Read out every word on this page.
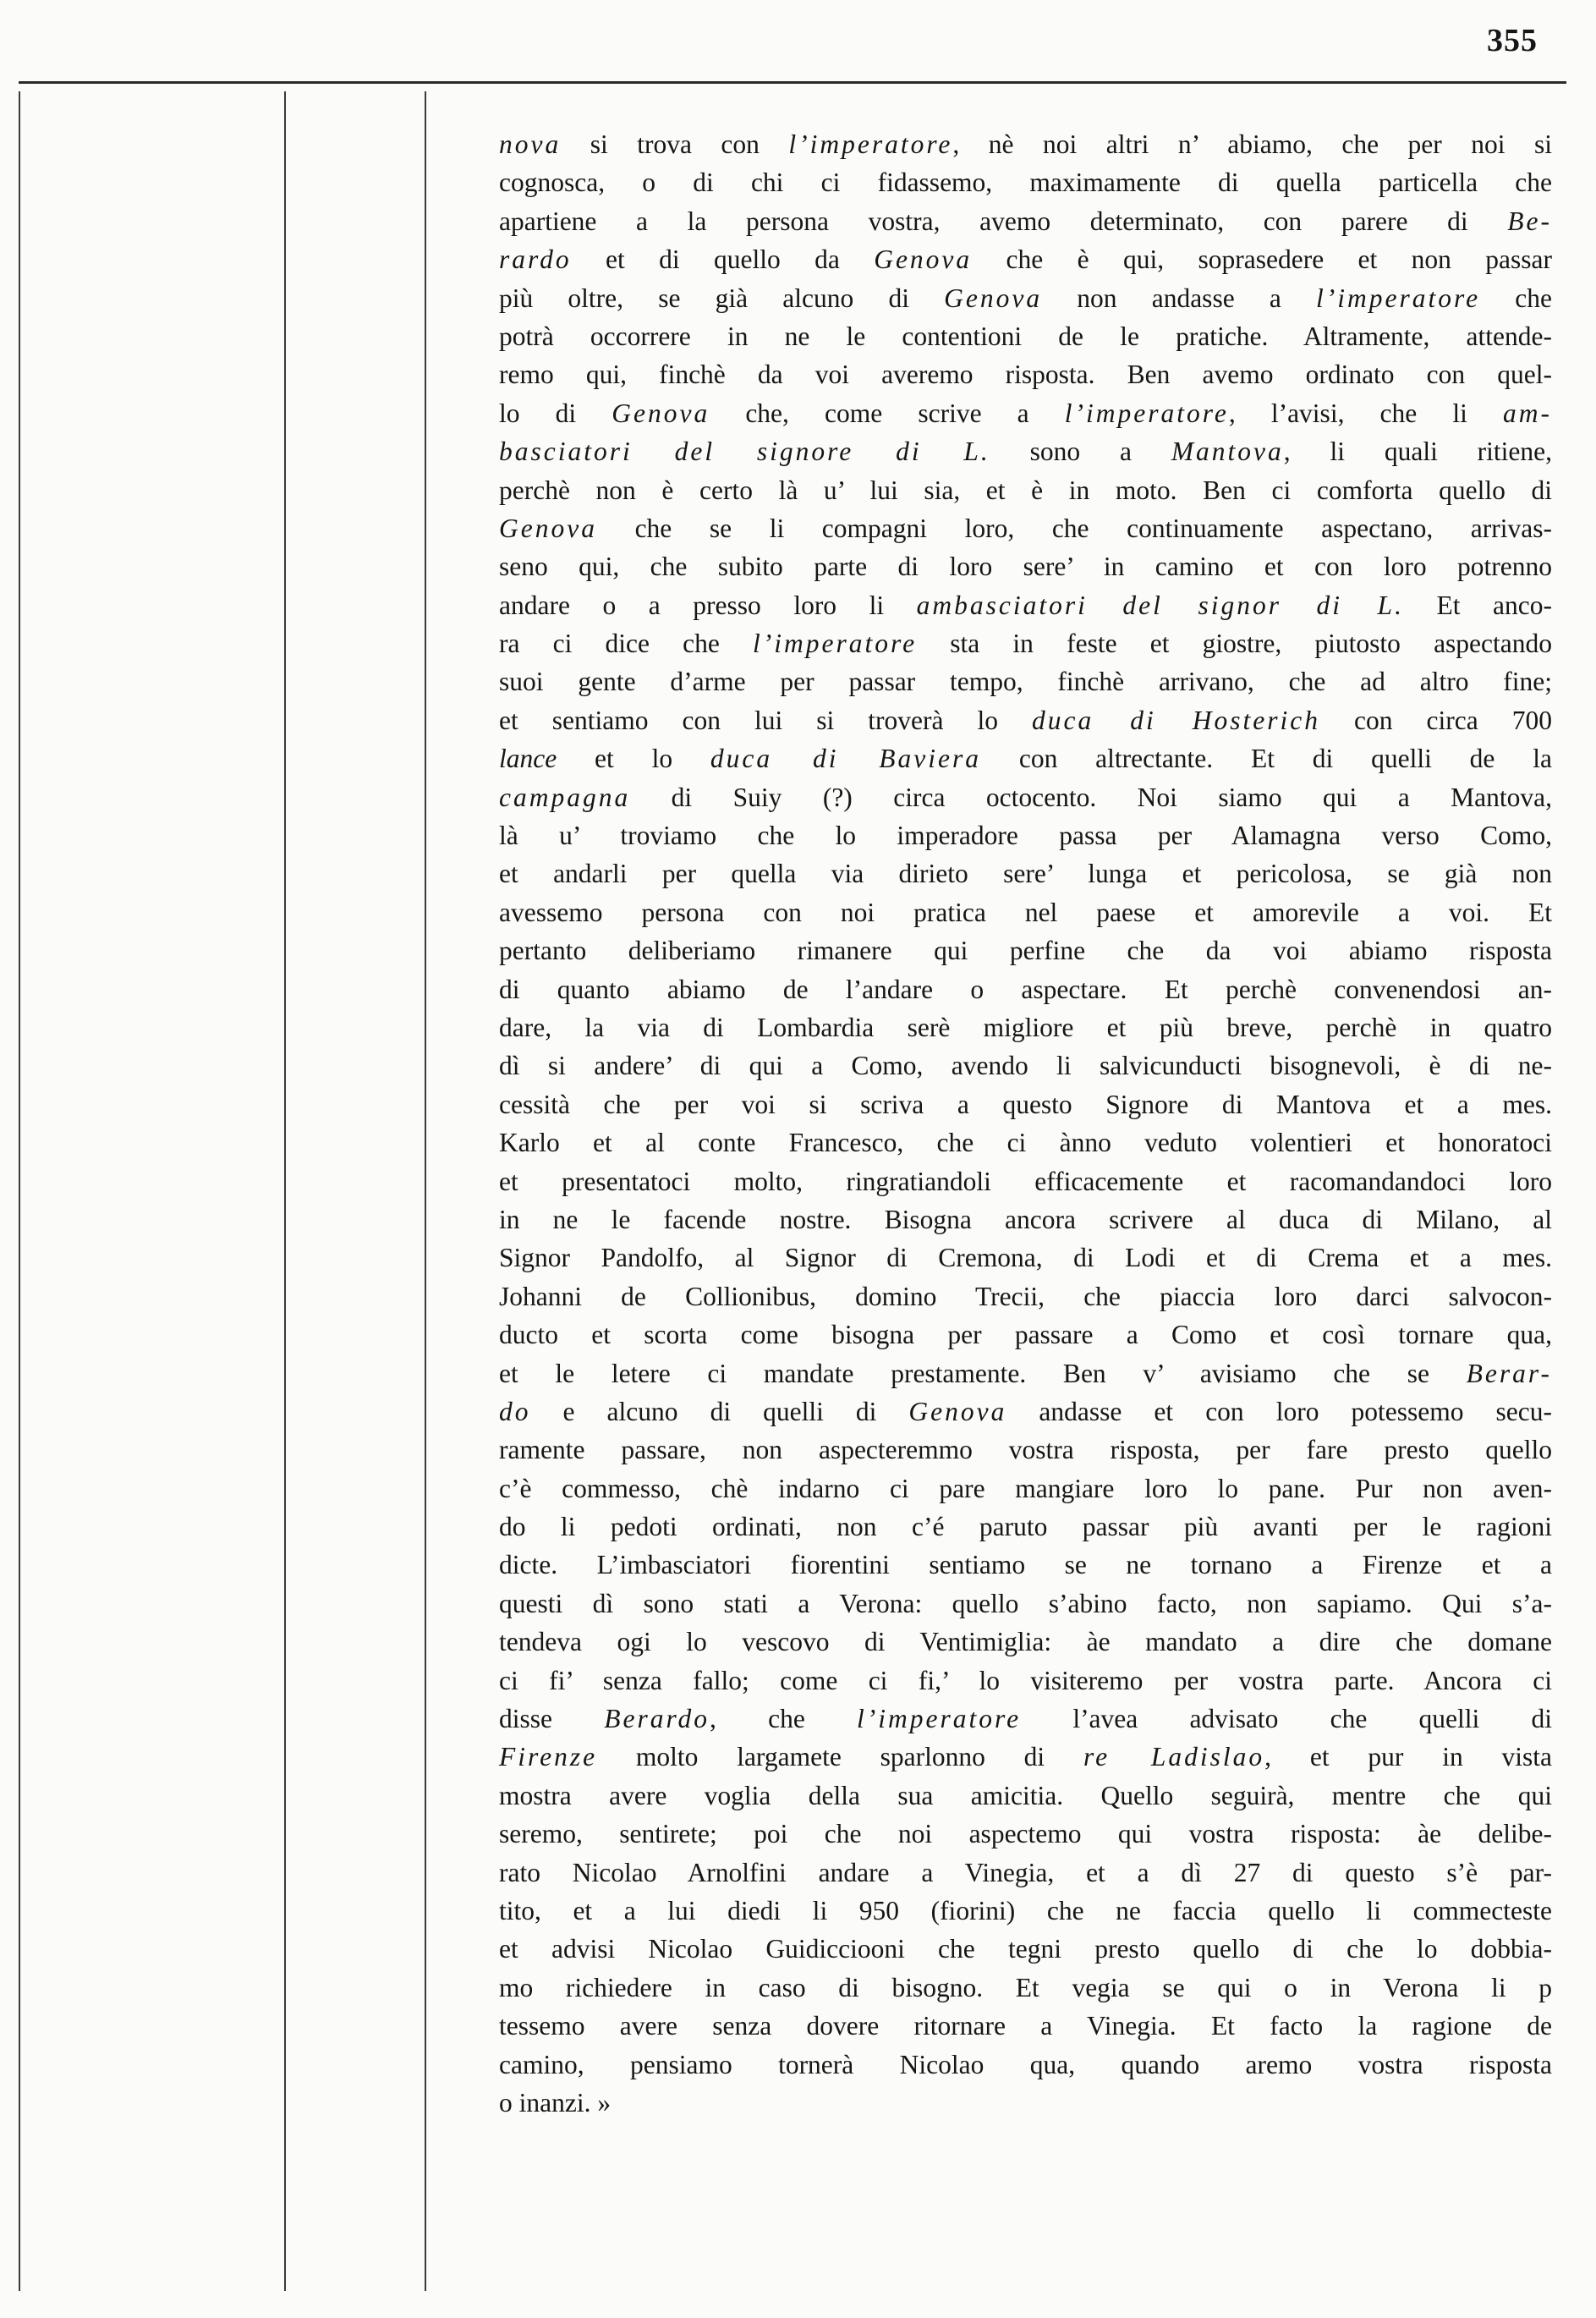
355
nova si trova con l’imperatore, nè noi altri n’ abiamo, che per noi si
cognosca, o di chi ci fidassemo, maximamente di quella particella che
apartiene a la persona vostra, avemo determinato, con parere di Be-
rardo et di quello da Genova che è qui, soprasedere et non passar
più oltre, se già alcuno di Genova non andasse a l’imperatore che
potrà occorrere in ne le contentioni de le pratiche. Altramente, attende-
remo qui, finchè da voi averemo risposta. Ben avemo ordinato con quel-
lo di Genova che, come scrive a l’imperatore, l’avisi, che li am-
basciatori del signore di L. sono a Mantova, li quali ritiene,
perchè non è certo là u’ lui sia, et è in moto. Ben ci comforta quello di
Genova che se li compagni loro, che continuamente aspectano, arrivas-
seno qui, che subito parte di loro sere’ in camino et con loro potrenno
andare o a presso loro li ambasciatori del signor di L. Et anco-
ra ci dice che l’imperatore sta in feste et giostre, piutosto aspectando
suoi gente d’arme per passar tempo, finchè arrivano, che ad altro fine;
et sentiamo con lui si troverà lo duca di Hosterich con circa 700
lance et lo duca di Baviera con altrectante. Et di quelli de la
campagna di Suiy (?) circa octocento. Noi siamo qui a Mantova,
là u’ troviamo che lo imperadore passa per Alamagna verso Como,
et andarli per quella via dirieto sere’ lunga et pericolosa, se già non
avessemo persona con noi pratica nel paese et amorevile a voi. Et
pertanto deliberiamo rimanere qui perfine che da voi abiamo risposta
di quanto abiamo de l’andare o aspectare. Et perchè convenendosi an-
dare, la via di Lombardia serè migliore et più breve, perchè in quatro
dì si andere’ di qui a Como, avendo li salvicunducti bisognevoli, è di ne-
cessità che per voi si scriva a questo Signore di Mantova et a mes.
Karlo et al conte Francesco, che ci ànno veduto volentieri et honoratoci
et presentatoci molto, ringratiandoli efficacemente et racomandandoci loro
in ne le facende nostre. Bisogna ancora scrivere al duca di Milano, al
Signor Pandolfo, al Signor di Cremona, di Lodi et di Crema et a mes.
Johanni de Collionibus, domino Trecii, che piaccia loro darci salvocon-
ducto et scorta come bisogna per passare a Como et così tornare qua,
et le letere ci mandate prestamente. Ben v’ avisiamo che se Berar-
do e alcuno di quelli di Genova andasse et con loro potessemo secu-
ramente passare, non aspecteremmo vostra risposta, per fare presto quello
c’è commesso, chè indarno ci pare mangiare loro lo pane. Pur non aven-
do li pedoti ordinati, non c’é paruto passar più avanti per le ragioni
dicte. L’imbasciatori fiorentini sentiamo se ne tornano a Firenze et a
questi dì sono stati a Verona: quello s’abino facto, non sapiamo. Qui s’a-
tendeva ogi lo vescovo di Ventimiglia: àe mandato a dire che domane
ci fi’ senza fallo; come ci fi,’ lo visiteremo per vostra parte. Ancora ci
disse Berardo, che l’imperatore l’avea advisato che quelli di
Firenze molto largamete sparlonno di re Ladislao, et pur in vista
mostra avere voglia della sua amicitia. Quello seguirà, mentre che qui
seremo, sentirete; poi che noi aspectemo qui vostra risposta: àe delibe-
rato Nicolao Arnolfini andare a Vinegia, et a dì 27 di questo s’è par-
tito, et a lui diedi li 950 (fiorini) che ne faccia quello li commecteste
et advisi Nicolao Guidicciooni che tegni presto quello di che lo dobbia-
mo richiedere in caso di bisogno. Et vegia se qui o in Verona li p
tessemo avere senza dovere ritornare a Vinegia. Et facto la ragione de
camino, pensiamo tornerà Nicolao qua, quando aremo vostra risposta
o inanzi. »
